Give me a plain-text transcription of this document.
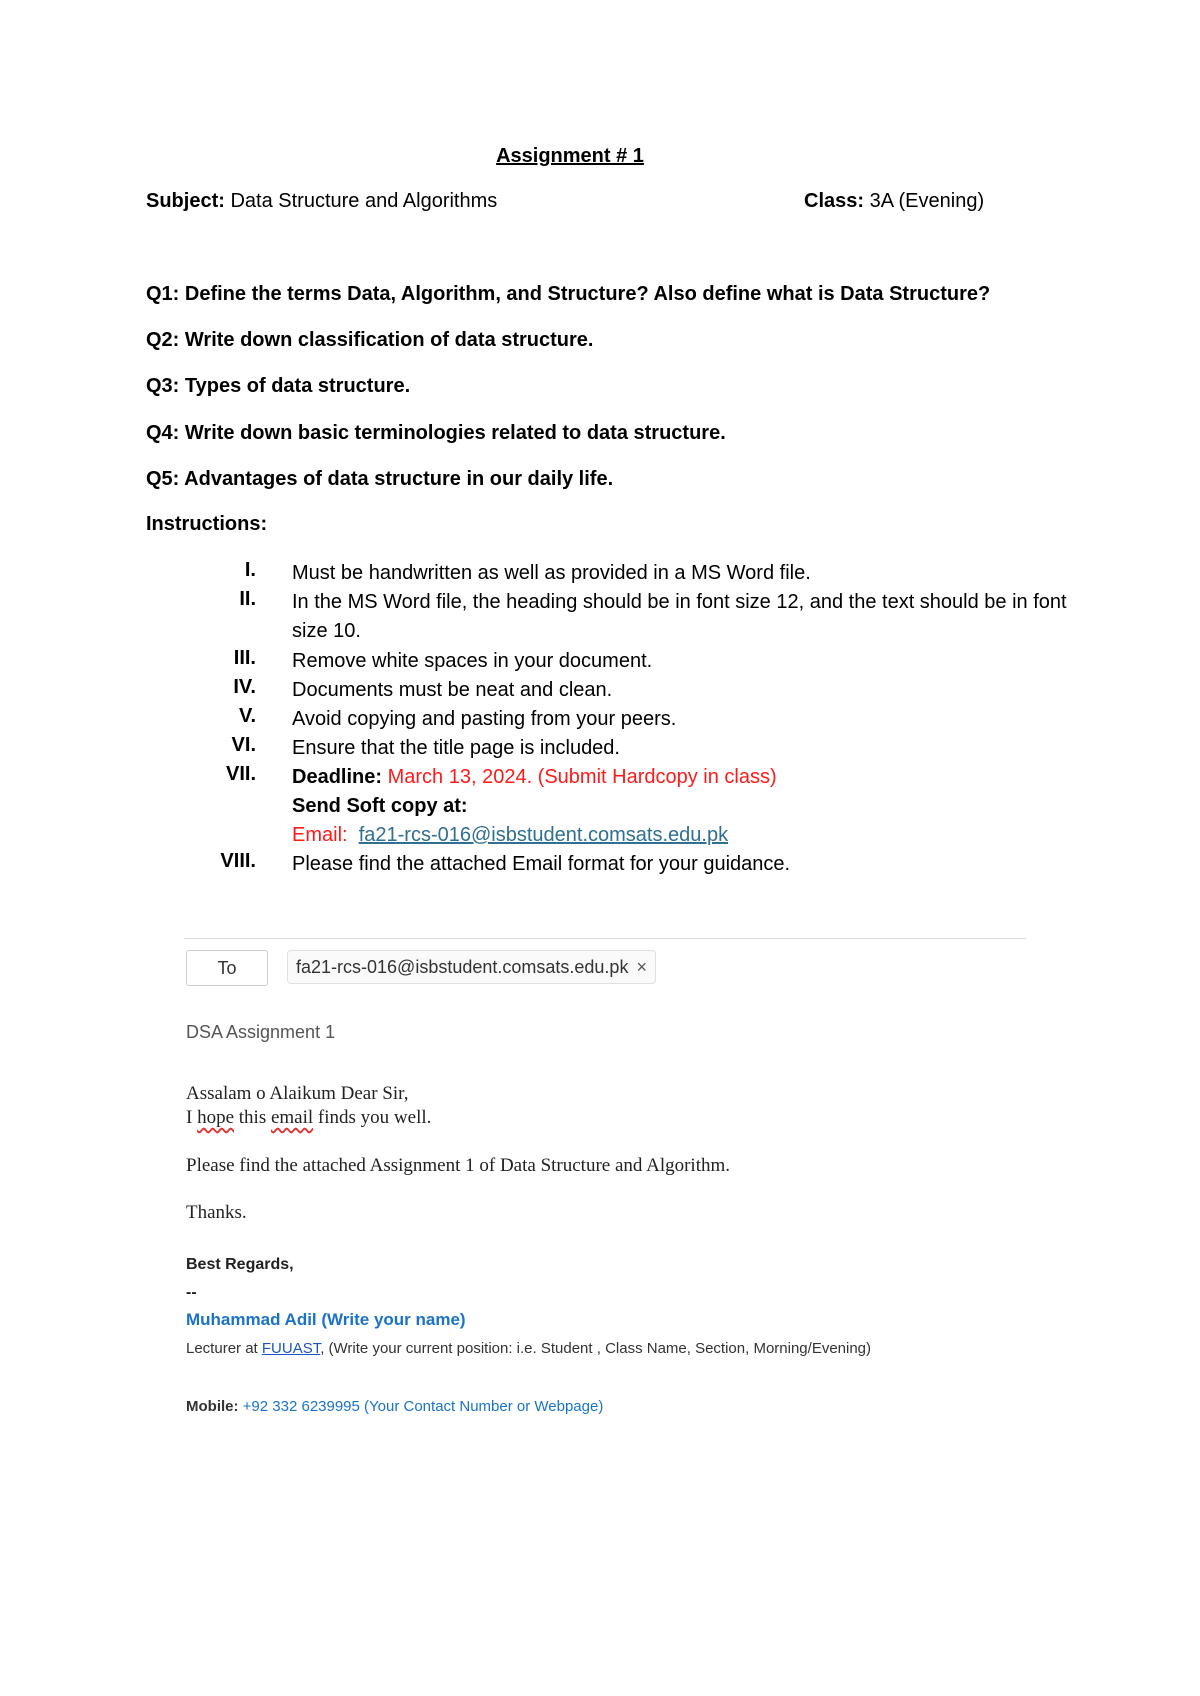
Assignment # 1
Subject: Data Structure and Algorithms	Class: 3A (Evening)
Q1: Define the terms Data, Algorithm, and Structure? Also define what is Data Structure?
Q2: Write down classification of data structure.
Q3: Types of data structure.
Q4: Write down basic terminologies related to data structure.
Q5: Advantages of data structure in our daily life.
Instructions:
I. Must be handwritten as well as provided in a MS Word file.
II. In the MS Word file, the heading should be in font size 12, and the text should be in font size 10.
III. Remove white spaces in your document.
IV. Documents must be neat and clean.
V. Avoid copying and pasting from your peers.
VI. Ensure that the title page is included.
VII. Deadline: March 13, 2024. (Submit Hardcopy in class)
Send Soft copy at:
Email: fa21-rcs-016@isbstudent.comsats.edu.pk
VIII. Please find the attached Email format for your guidance.
To	fa21-rcs-016@isbstudent.comsats.edu.pk ×
DSA Assignment 1
Assalam o Alaikum Dear Sir,
I hope this email finds you well.
Please find the attached Assignment 1 of Data Structure and Algorithm.
Thanks.
Best Regards,
--
Muhammad Adil (Write your name)
Lecturer at FUUAST, (Write your current position: i.e. Student , Class Name, Section, Morning/Evening)
Mobile: +92 332 6239995 (Your Contact Number or Webpage)
